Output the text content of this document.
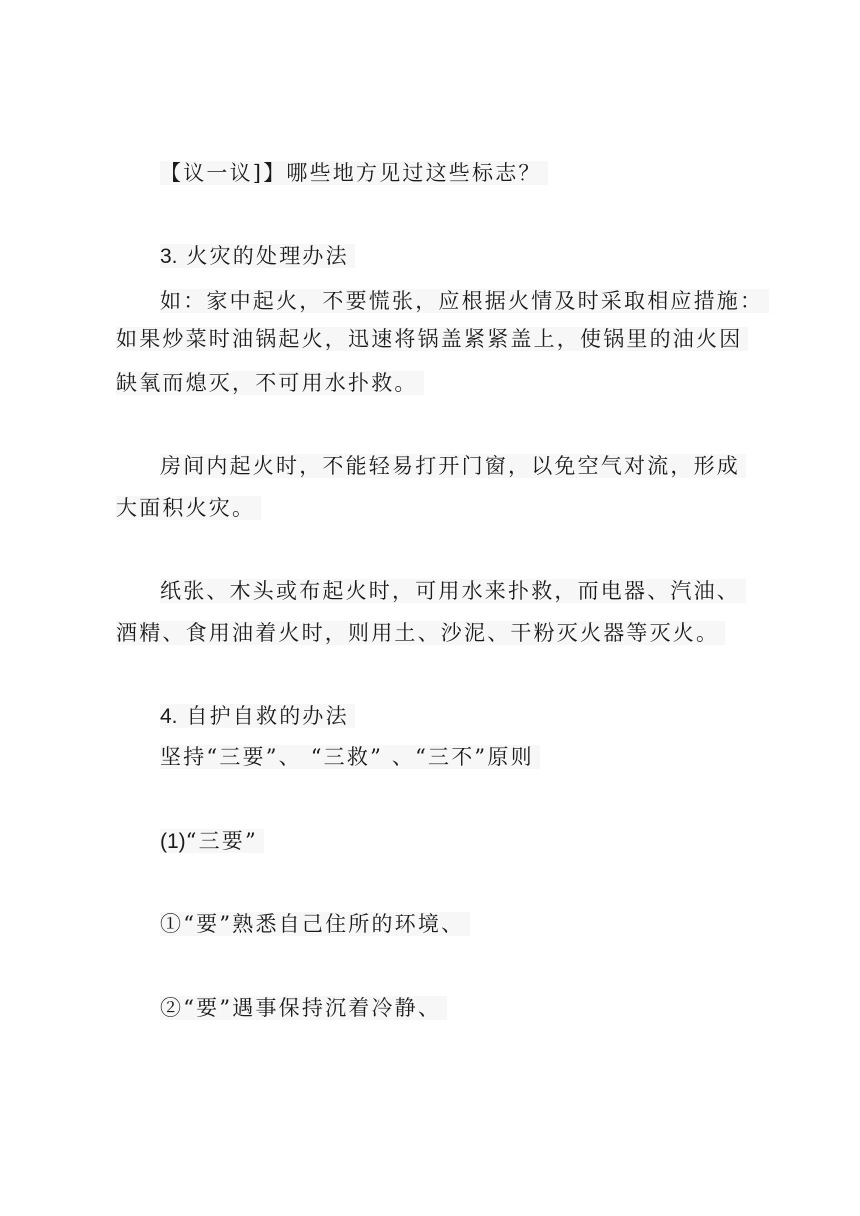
【议一议]】哪些地方见过这些标志？
3. 火灾的处理办法
如：家中起火，不要慌张，应根据火情及时采取相应措施：
如果炒菜时油锅起火，迅速将锅盖紧紧盖上，使锅里的油火因
缺氧而熄灭，不可用水扑救。
房间内起火时，不能轻易打开门窗，以免空气对流，形成
大面积火灾。
纸张、木头或布起火时，可用水来扑救，而电器、汽油、
酒精、食用油着火时，则用土、沙泥、干粉灭火器等灭火。
4. 自护自救的办法
坚持“三要”、 “三救” 、“三不”原则
(1)“三要”
①“要”熟悉自己住所的环境、
②“要”遇事保持沉着冷静、
